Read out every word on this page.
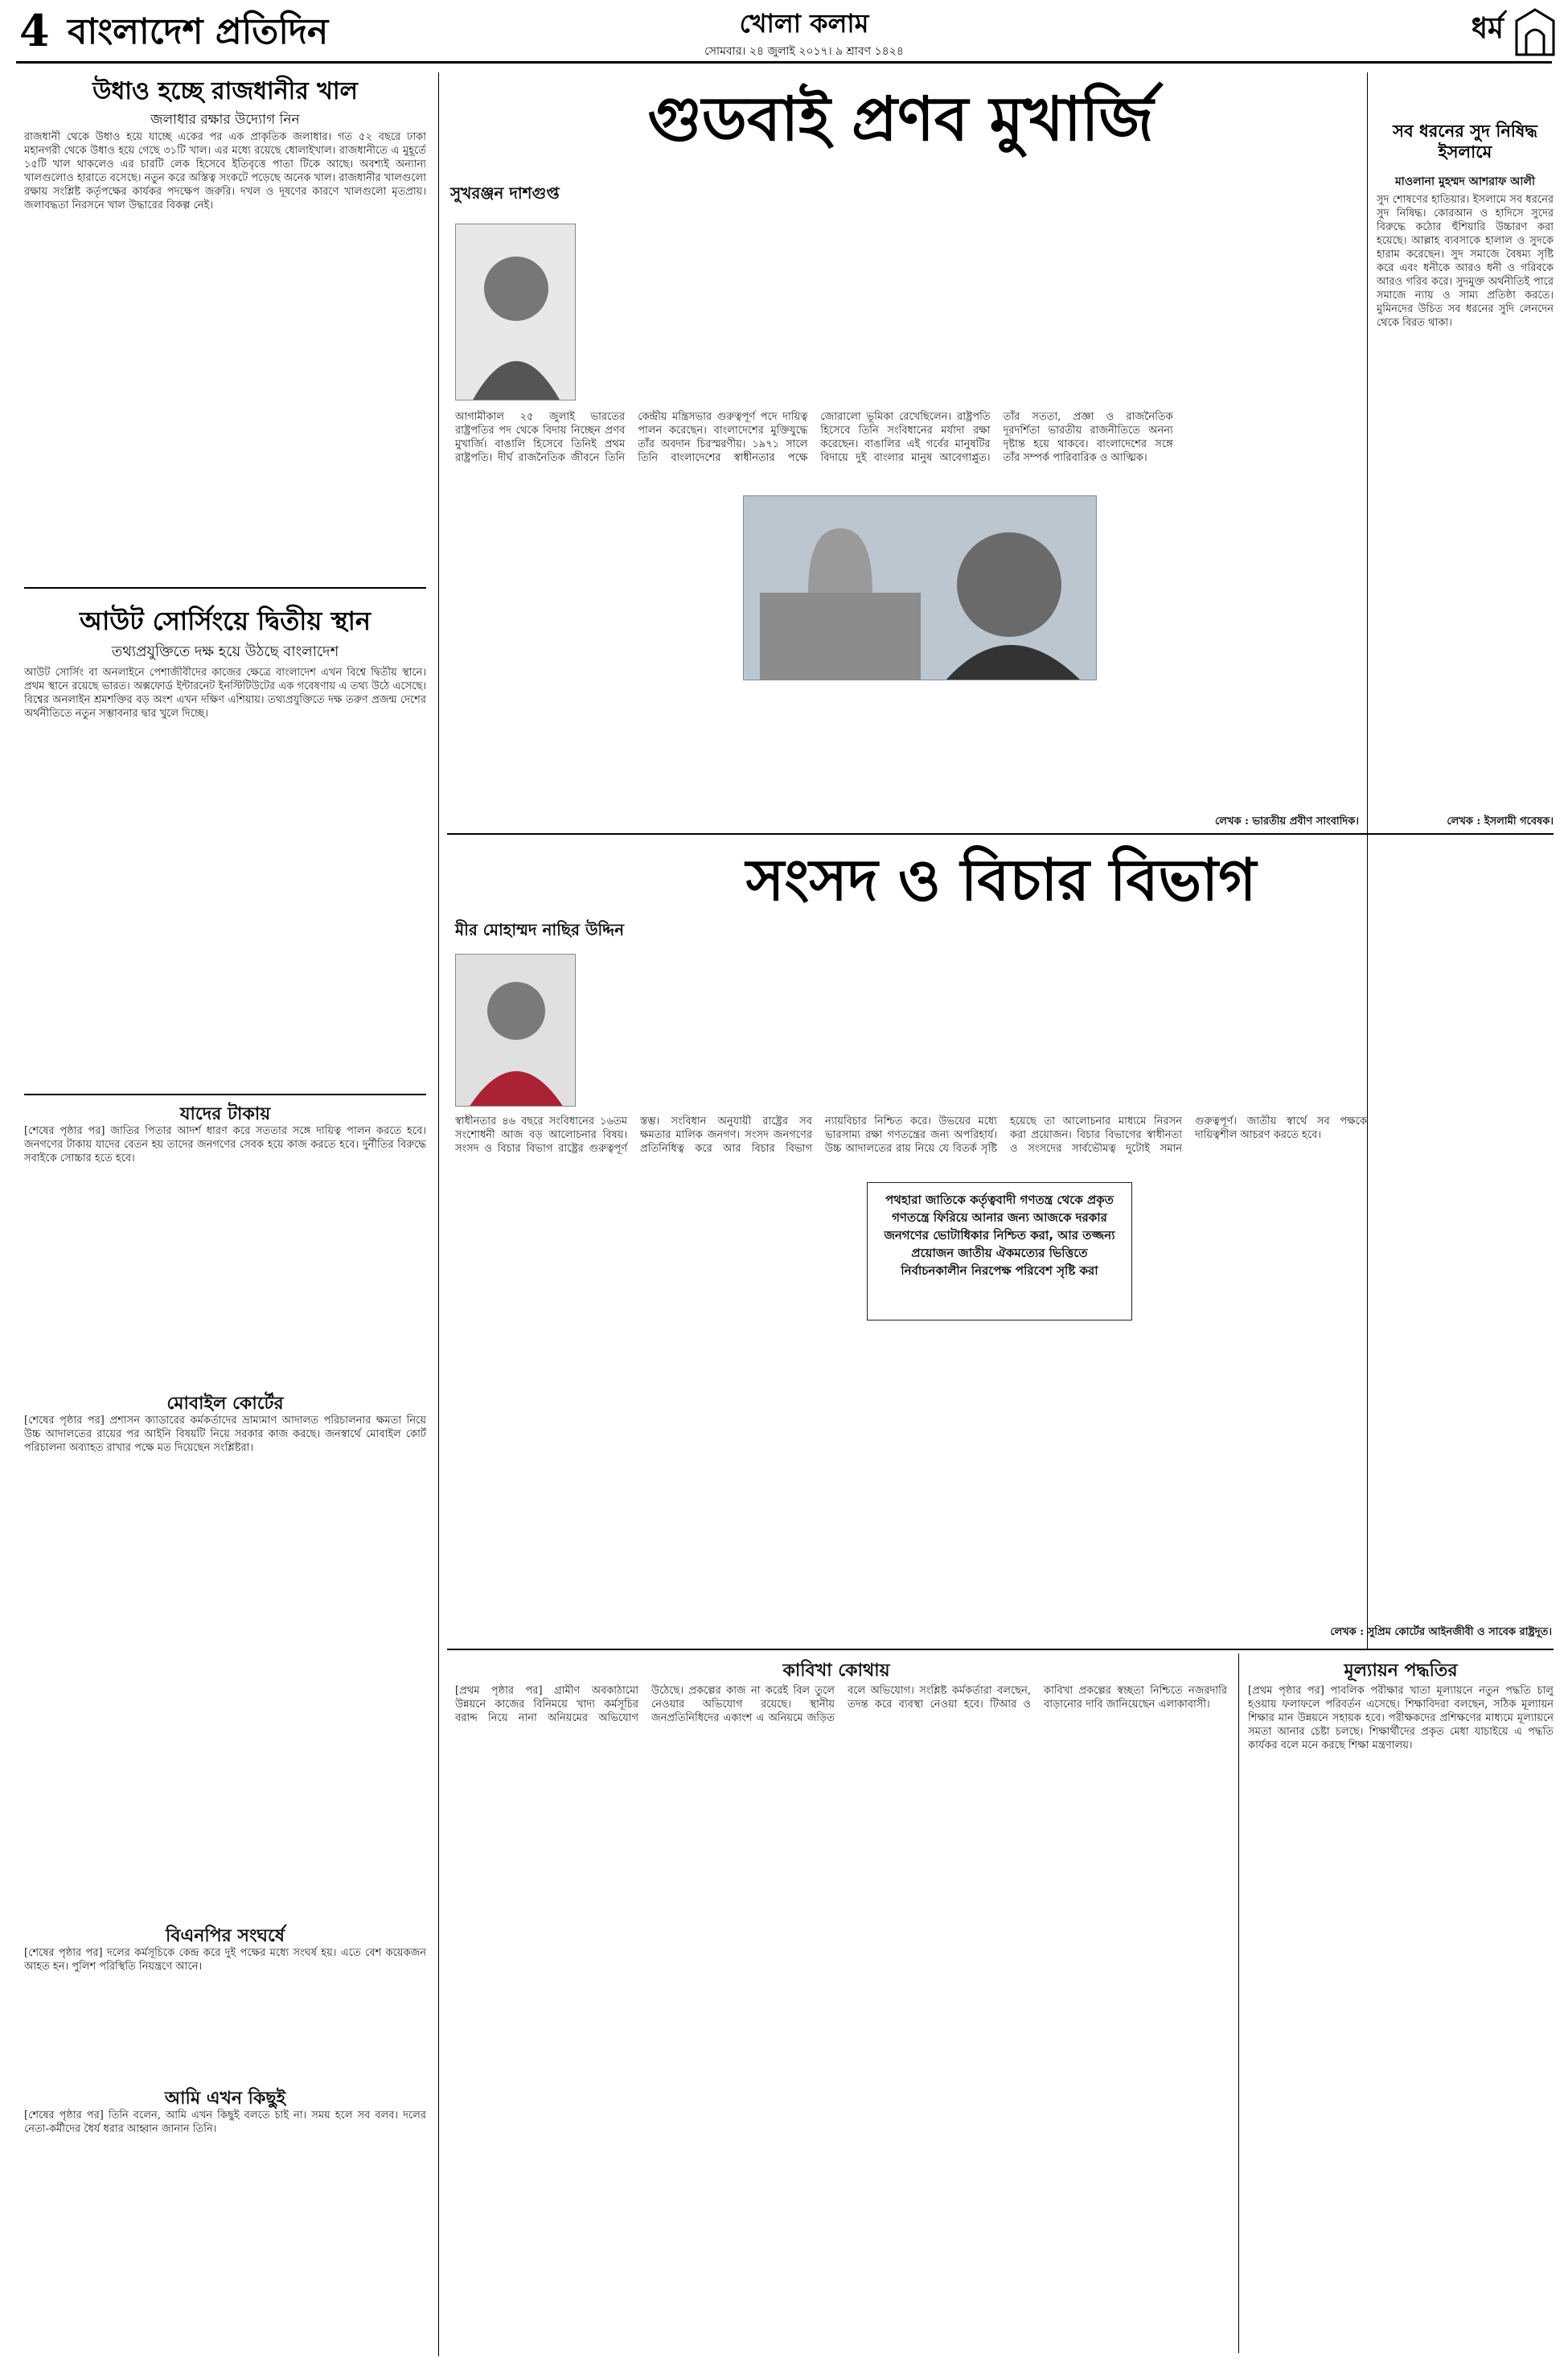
4 বাংলাদেশ প্রতিদিন	খোলা কলাম
সোমবার। ২৪ জুলাই ২০১৭। ৯ শ্রাবণ ১৪২৪
ধর্ম
উধাও হচ্ছে রাজধানীর খাল
জলাধার রক্ষার উদ্যোগ নিন
রাজধানী থেকে উধাও হয়ে যাচ্ছে একের পর এক প্রাকৃতিক জলাধার। গত ৫২ বছরে ঢাকা মহানগরী থেকে উধাও হয়ে গেছে ৩১টি খাল। এর মধ্যে রয়েছে ধোলাইখাল। রাজধানীতে এ মুহূর্তে ১৫টি খাল থাকলেও এর চারটি লেক হিসেবে ইতিবৃত্তে পাতা টিকে আছে। অবশ্যই অন্যান্য খালগুলোও হারাতে বসেছে। নতুন করে অস্তিত্ব সংকটে পড়েছে অনেক খাল। রাজধানীর খালগুলো রক্ষায় সংশ্লিষ্ট কর্তৃপক্ষের কার্যকর পদক্ষেপ জরুরি। দখল ও দূষণের কারণে খালগুলো মৃতপ্রায়। জলাবদ্ধতা নিরসনে খাল উদ্ধারের বিকল্প নেই।
আউট সোর্সিংয়ে দ্বিতীয় স্থান
তথ্যপ্রযুক্তিতে দক্ষ হয়ে উঠছে বাংলাদেশ
আউট সোর্সিং বা অনলাইনে পেশাজীবীদের কাজের ক্ষেত্রে বাংলাদেশ এখন বিশ্বে দ্বিতীয় স্থানে। প্রথম স্থানে রয়েছে ভারত। অক্সফোর্ড ইন্টারনেট ইনস্টিটিউটের এক গবেষণায় এ তথ্য উঠে এসেছে। বিশ্বের অনলাইন শ্রমশক্তির বড় অংশ এখন দক্ষিণ এশিয়ায়। তথ্যপ্রযুক্তিতে দক্ষ তরুণ প্রজন্ম দেশের অর্থনীতিতে নতুন সম্ভাবনার দ্বার খুলে দিচ্ছে।
যাদের টাকায়
[শেষের পৃষ্ঠার পর] জাতির পিতার আদর্শ ধারণ করে সততার সঙ্গে দায়িত্ব পালন করতে হবে। জনগণের টাকায় যাদের বেতন হয় তাদের জনগণের সেবক হয়ে কাজ করতে হবে। দুর্নীতির বিরুদ্ধে সবাইকে সোচ্চার হতে হবে।
মোবাইল কোর্টের
[শেষের পৃষ্ঠার পর] প্রশাসন ক্যাডারের কর্মকর্তাদের ভ্রাম্যমাণ আদালত পরিচালনার ক্ষমতা নিয়ে উচ্চ আদালতের রায়ের পর আইনি বিষয়টি নিয়ে সরকার কাজ করছে। জনস্বার্থে মোবাইল কোর্ট পরিচালনা অব্যাহত রাখার পক্ষে মত দিয়েছেন সংশ্লিষ্টরা।
বিএনপির সংঘর্ষে
[শেষের পৃষ্ঠার পর] দলের কর্মসূচিকে কেন্দ্র করে দুই পক্ষের মধ্যে সংঘর্ষ হয়। এতে বেশ কয়েকজন আহত হন। পুলিশ পরিস্থিতি নিয়ন্ত্রণে আনে।
আমি এখন কিছুই
[শেষের পৃষ্ঠার পর] তিনি বলেন, আমি এখন কিছুই বলতে চাই না। সময় হলে সব বলব। দলের নেতা-কর্মীদের ধৈর্য ধরার আহ্বান জানান তিনি।
গুডবাই প্রণব মুখার্জি
সুখরঞ্জন দাশগুপ্ত
আগামীকাল ২৫ জুলাই ভারতের রাষ্ট্রপতির পদ থেকে বিদায় নিচ্ছেন প্রণব মুখার্জি। বাঙালি হিসেবে তিনিই প্রথম রাষ্ট্রপতি। দীর্ঘ রাজনৈতিক জীবনে তিনি কেন্দ্রীয় মন্ত্রিসভার গুরুত্বপূর্ণ পদে দায়িত্ব পালন করেছেন। বাংলাদেশের মুক্তিযুদ্ধে তাঁর অবদান চিরস্মরণীয়। ১৯৭১ সালে তিনি বাংলাদেশের স্বাধীনতার পক্ষে জোরালো ভূমিকা রেখেছিলেন। রাষ্ট্রপতি হিসেবে তিনি সংবিধানের মর্যাদা রক্ষা করেছেন। বাঙালির এই গর্বের মানুষটির বিদায়ে দুই বাংলার মানুষ আবেগাপ্লুত। তাঁর সততা, প্রজ্ঞা ও রাজনৈতিক দূরদর্শিতা ভারতীয় রাজনীতিতে অনন্য দৃষ্টান্ত হয়ে থাকবে। বাংলাদেশের সঙ্গে তাঁর সম্পর্ক পারিবারিক ও আত্মিক।
লেখক : ভারতীয় প্রবীণ সাংবাদিক।
সব ধরনের সুদ নিষিদ্ধ ইসলামে
মাওলানা মুহম্মদ আশরাফ আলী
সুদ শোষণের হাতিয়ার। ইসলামে সব ধরনের সুদ নিষিদ্ধ। কোরআন ও হাদিসে সুদের বিরুদ্ধে কঠোর হুঁশিয়ারি উচ্চারণ করা হয়েছে। আল্লাহ ব্যবসাকে হালাল ও সুদকে হারাম করেছেন। সুদ সমাজে বৈষম্য সৃষ্টি করে এবং ধনীকে আরও ধনী ও গরিবকে আরও গরিব করে। সুদমুক্ত অর্থনীতিই পারে সমাজে ন্যায় ও সাম্য প্রতিষ্ঠা করতে। মুমিনদের উচিত সব ধরনের সুদি লেনদেন থেকে বিরত থাকা।
লেখক : ইসলামী গবেষক।
সংসদ ও বিচার বিভাগ
মীর মোহাম্মদ নাছির উদ্দিন
স্বাধীনতার ৪৬ বছরে সংবিধানের ১৬তম সংশোধনী আজ বড় আলোচনার বিষয়। সংসদ ও বিচার বিভাগ রাষ্ট্রের গুরুত্বপূর্ণ স্তম্ভ। সংবিধান অনুযায়ী রাষ্ট্রের সব ক্ষমতার মালিক জনগণ। সংসদ জনগণের প্রতিনিধিত্ব করে আর বিচার বিভাগ ন্যায়বিচার নিশ্চিত করে। উভয়ের মধ্যে ভারসাম্য রক্ষা গণতন্ত্রের জন্য অপরিহার্য। উচ্চ আদালতের রায় নিয়ে যে বিতর্ক সৃষ্টি হয়েছে তা আলোচনার মাধ্যমে নিরসন করা প্রয়োজন। বিচার বিভাগের স্বাধীনতা ও সংসদের সার্বভৌমত্ব দুটোই সমান গুরুত্বপূর্ণ। জাতীয় স্বার্থে সব পক্ষকে দায়িত্বশীল আচরণ করতে হবে।
পথহারা জাতিকে কর্তৃত্ববাদী গণতন্ত্র থেকে প্রকৃত গণতন্ত্রে ফিরিয়ে আনার জন্য আজকে দরকার জনগণের ভোটাধিকার নিশ্চিত করা, আর তজ্জন্য প্রয়োজন জাতীয় ঐকমত্যের ভিত্তিতে নির্বাচনকালীন নিরপেক্ষ পরিবেশ সৃষ্টি করা
লেখক : সুপ্রিম কোর্টের আইনজীবী ও সাবেক রাষ্ট্রদূত।
কাবিখা কোথায়
[প্রথম পৃষ্ঠার পর] গ্রামীণ অবকাঠামো উন্নয়নে কাজের বিনিময়ে খাদ্য কর্মসূচির বরাদ্দ নিয়ে নানা অনিয়মের অভিযোগ উঠেছে। প্রকল্পের কাজ না করেই বিল তুলে নেওয়ার অভিযোগ রয়েছে। স্থানীয় জনপ্রতিনিধিদের একাংশ এ অনিয়মে জড়িত বলে অভিযোগ। সংশ্লিষ্ট কর্মকর্তারা বলছেন, তদন্ত করে ব্যবস্থা নেওয়া হবে। টিআর ও কাবিখা প্রকল্পের স্বচ্ছতা নিশ্চিতে নজরদারি বাড়ানোর দাবি জানিয়েছেন এলাকাবাসী।
মূল্যায়ন পদ্ধতির
[প্রথম পৃষ্ঠার পর] পাবলিক পরীক্ষার খাতা মূল্যায়নে নতুন পদ্ধতি চালু হওয়ায় ফলাফলে পরিবর্তন এসেছে। শিক্ষাবিদরা বলছেন, সঠিক মূল্যায়ন শিক্ষার মান উন্নয়নে সহায়ক হবে। পরীক্ষকদের প্রশিক্ষণের মাধ্যমে মূল্যায়নে সমতা আনার চেষ্টা চলছে। শিক্ষার্থীদের প্রকৃত মেধা যাচাইয়ে এ পদ্ধতি কার্যকর বলে মনে করছে শিক্ষা মন্ত্রণালয়।
